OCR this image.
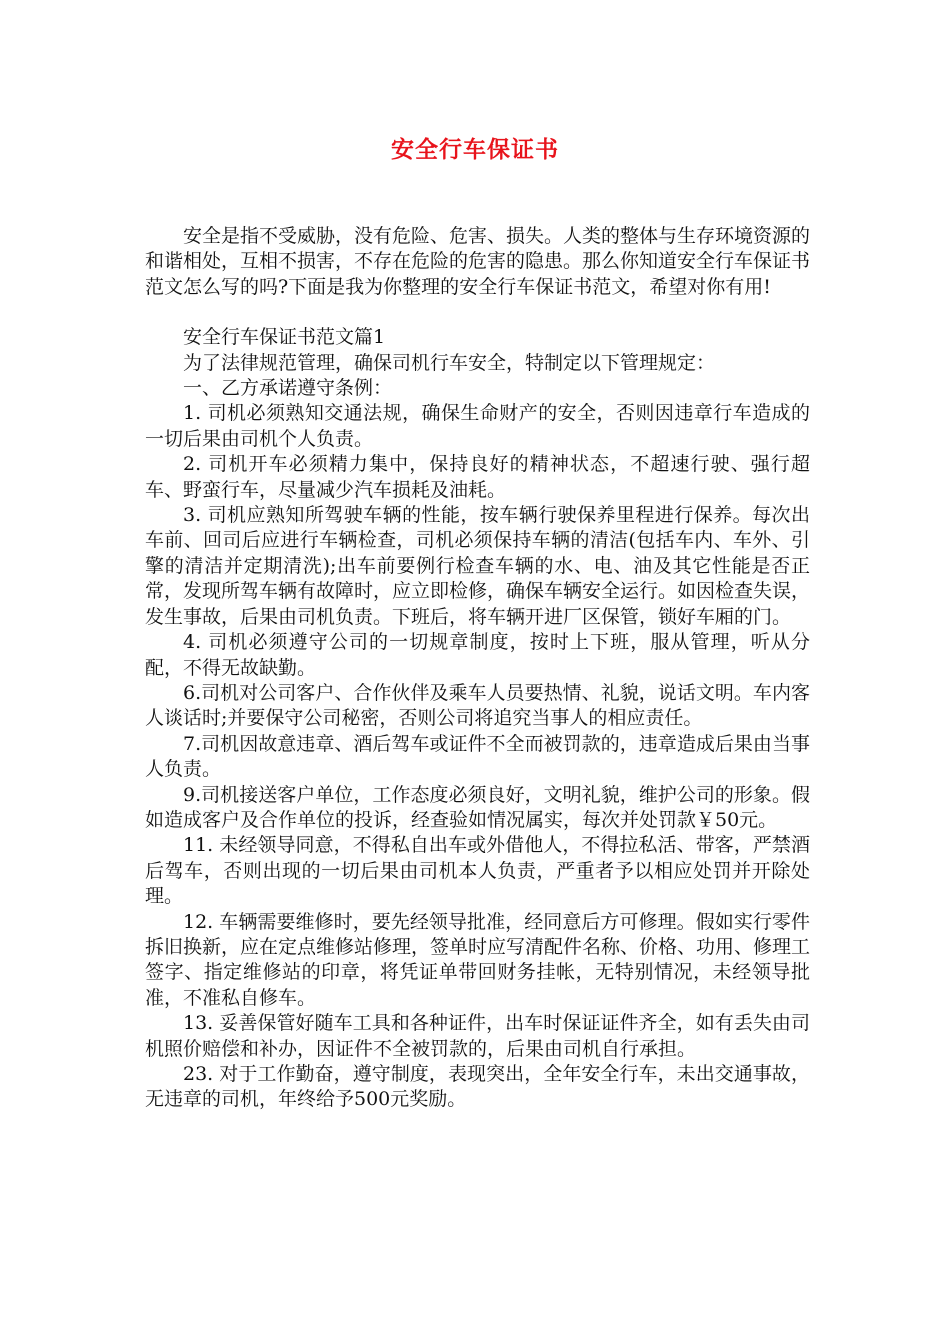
安全行车保证书

安全是指不受威胁，没有危险、危害、损失。人类的整体与生存环境资源的和谐相处，互相不损害，不存在危险的危害的隐患。那么你知道安全行车保证书范文怎么写的吗?下面是我为你整理的安全行车保证书范文，希望对你有用!

安全行车保证书范文篇1

为了法律规范管理，确保司机行车安全，特制定以下管理规定：

一、乙方承诺遵守条例：

1. 司机必须熟知交通法规，确保生命财产的安全，否则因违章行车造成的一切后果由司机个人负责。

2. 司机开车必须精力集中，保持良好的精神状态，不超速行驶、强行超车、野蛮行车，尽量减少汽车损耗及油耗。

3. 司机应熟知所驾驶车辆的性能，按车辆行驶保养里程进行保养。每次出车前、回司后应进行车辆检查，司机必须保持车辆的清洁(包括车内、车外、引擎的清洁并定期清洗);出车前要例行检查车辆的水、电、油及其它性能是否正常，发现所驾车辆有故障时，应立即检修，确保车辆安全运行。如因检查失误，发生事故，后果由司机负责。下班后，将车辆开进厂区保管，锁好车厢的门。

4. 司机必须遵守公司的一切规章制度，按时上下班，服从管理，听从分配，不得无故缺勤。

6.司机对公司客户、合作伙伴及乘车人员要热情、礼貌，说话文明。车内客人谈话时;并要保守公司秘密，否则公司将追究当事人的相应责任。

7.司机因故意违章、酒后驾车或证件不全而被罚款的，违章造成后果由当事人负责。

9.司机接送客户单位，工作态度必须良好，文明礼貌，维护公司的形象。假如造成客户及合作单位的投诉，经查验如情况属实，每次并处罚款￥50元。

11. 未经领导同意，不得私自出车或外借他人，不得拉私活、带客，严禁酒后驾车，否则出现的一切后果由司机本人负责，严重者予以相应处罚并开除处理。

12. 车辆需要维修时，要先经领导批准，经同意后方可修理。假如实行零件拆旧换新，应在定点维修站修理，签单时应写清配件名称、价格、功用、修理工签字、指定维修站的印章，将凭证单带回财务挂帐，无特别情况，未经领导批准，不准私自修车。

13. 妥善保管好随车工具和各种证件，出车时保证证件齐全，如有丢失由司机照价赔偿和补办，因证件不全被罚款的，后果由司机自行承担。

23. 对于工作勤奋，遵守制度，表现突出，全年安全行车，未出交通事故，无违章的司机，年终给予500元奖励。
